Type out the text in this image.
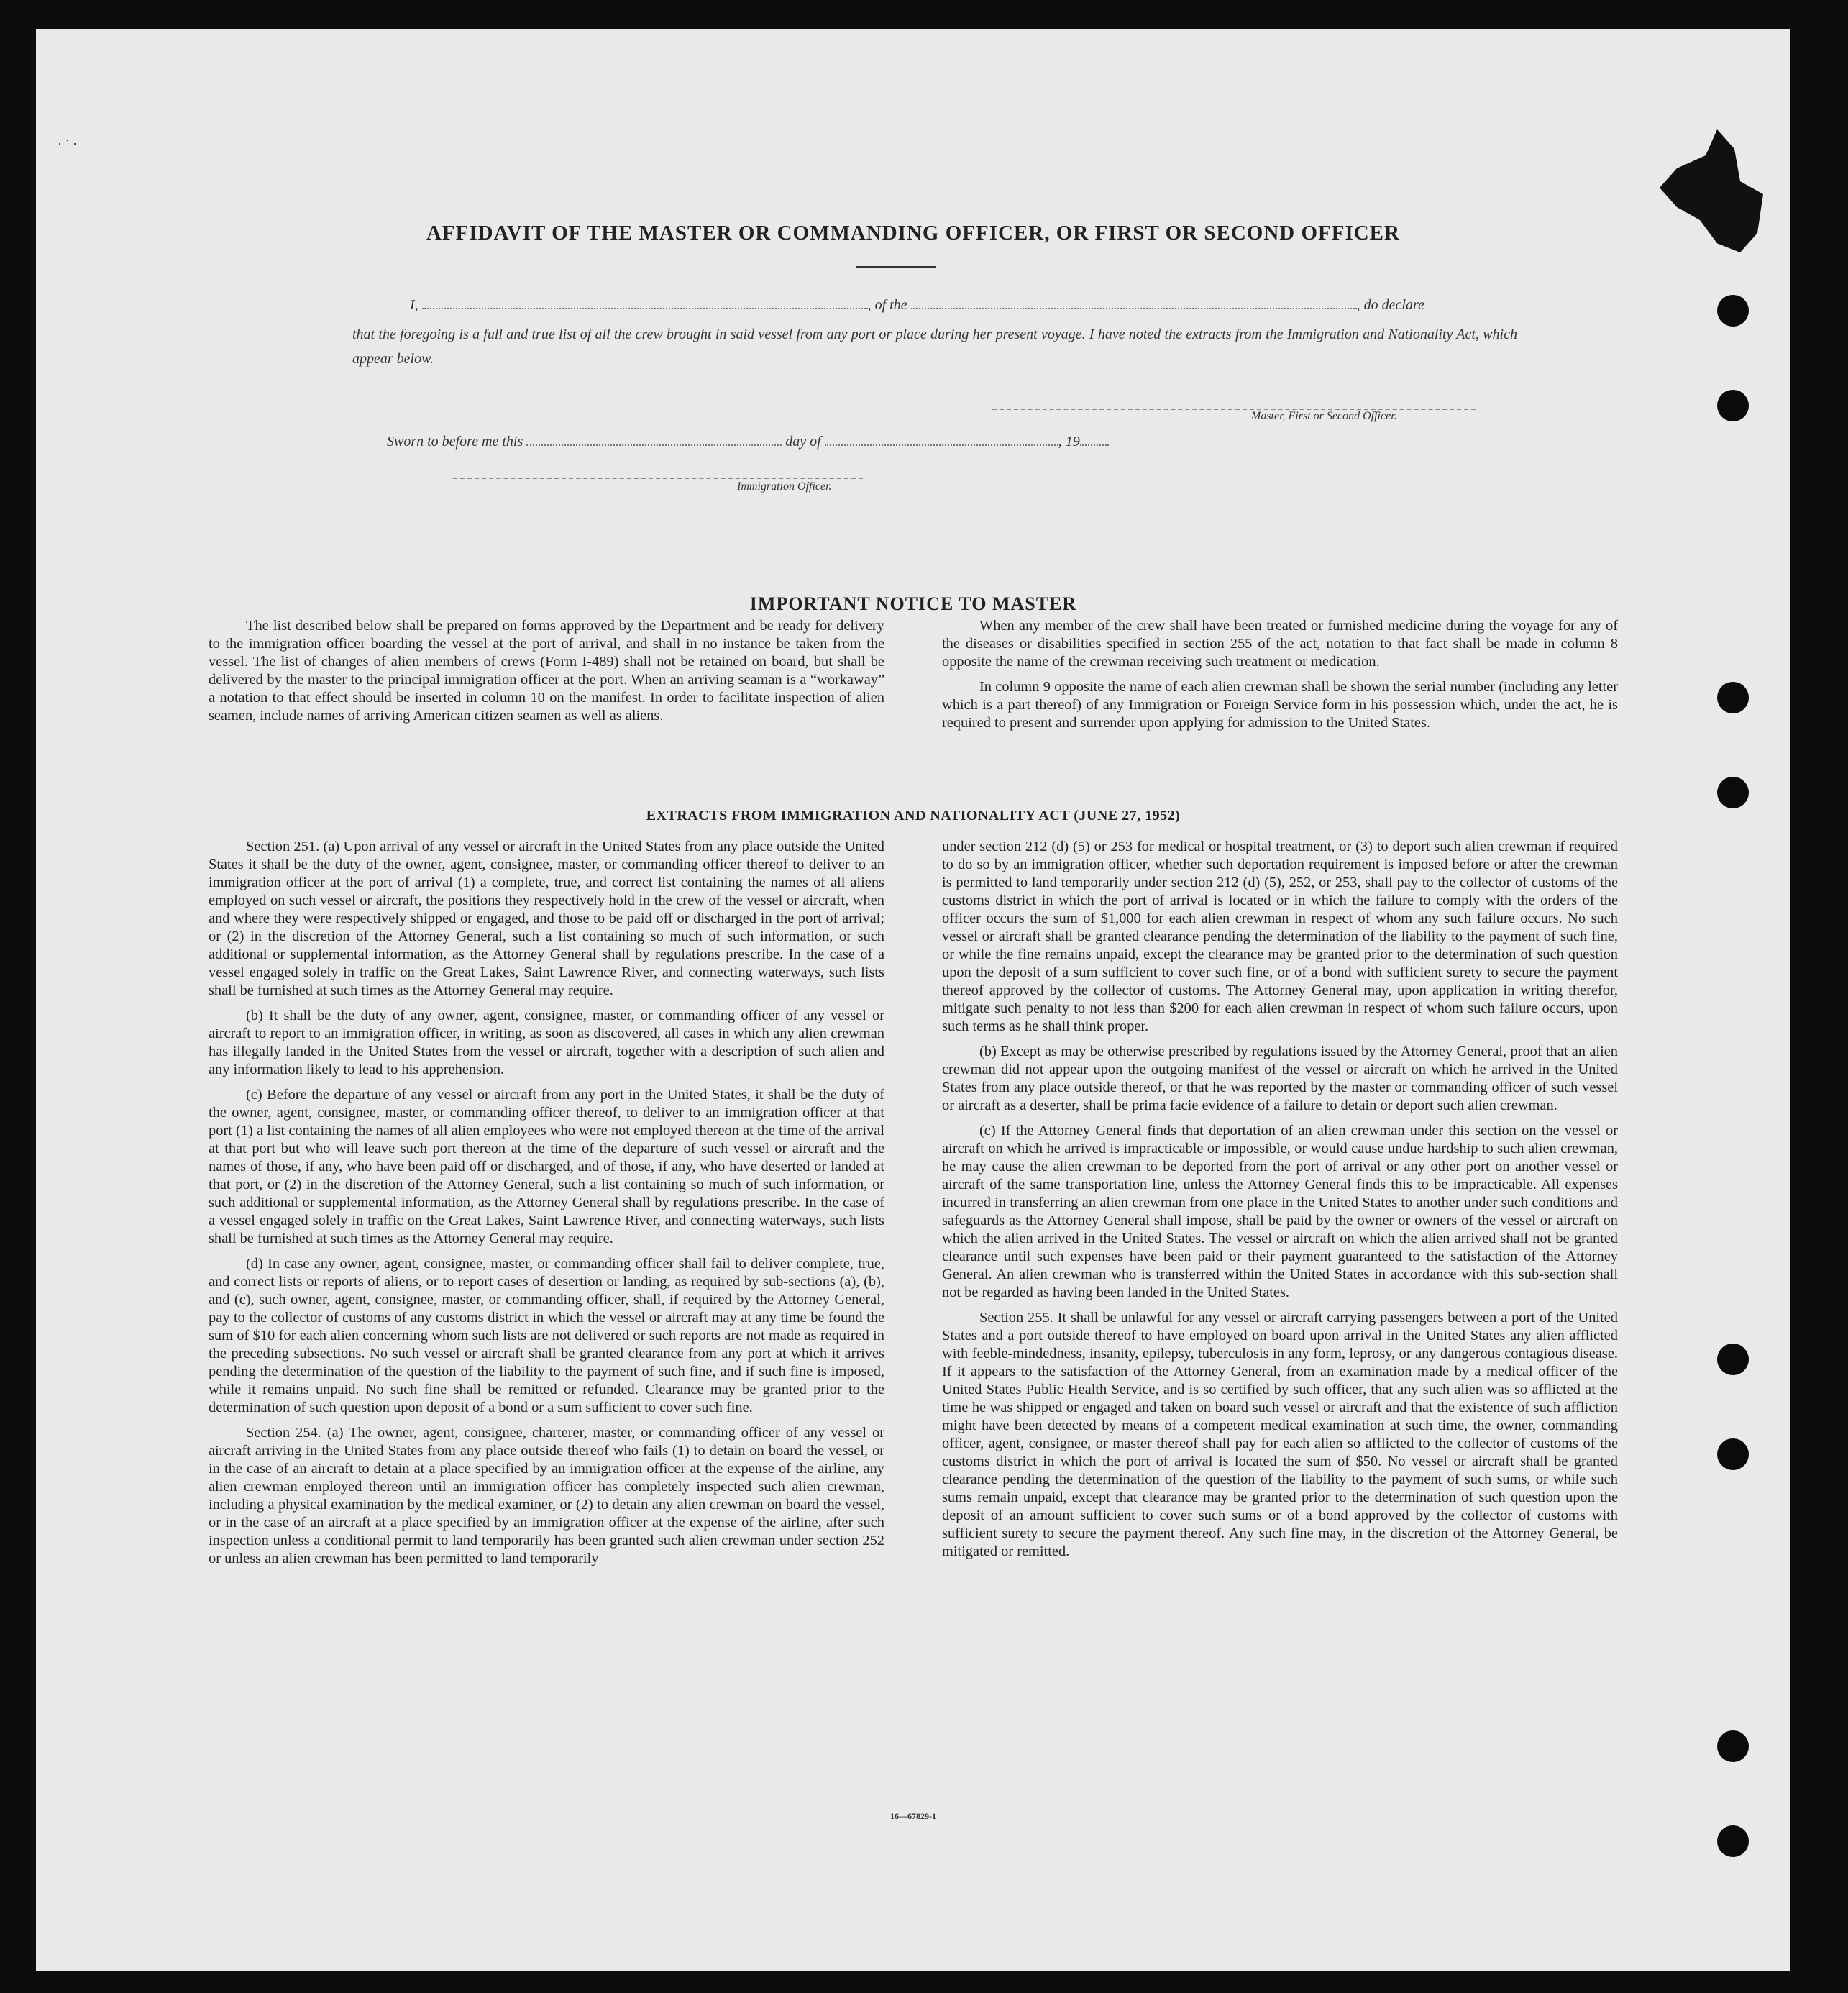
· ˙ ·
AFFIDAVIT OF THE MASTER OR COMMANDING OFFICER, OR FIRST OR SECOND OFFICER
I,	, of the	, do declare
that the foregoing is a full and true list of all the crew brought in said vessel from any port or place during her present voyage. I have noted the extracts from the Immigration and Nationality Act, which appear below.
Master, First or Second Officer.
Sworn to before me this	day of	, 19
Immigration Officer.
IMPORTANT NOTICE TO MASTER

The list described below shall be prepared on forms approved by the Department and be ready for delivery to the immigration officer boarding the vessel at the port of arrival, and shall in no instance be taken from the vessel. The list of changes of alien members of crews (Form I-489) shall not be retained on board, but shall be delivered by the master to the principal immigration officer at the port. When an arriving seaman is a “workaway” a notation to that effect should be inserted in column 10 on the manifest. In order to facilitate inspection of alien seamen, include names of arriving American citizen seamen as well as aliens.

When any member of the crew shall have been treated or furnished medicine during the voyage for any of the diseases or disabilities specified in section 255 of the act, notation to that fact shall be made in column 8 opposite the name of the crewman receiving such treatment or medication.

In column 9 opposite the name of each alien crewman shall be shown the serial number (including any letter which is a part thereof) of any Immigration or Foreign Service form in his possession which, under the act, he is required to present and surrender upon applying for admission to the United States.

EXTRACTS FROM IMMIGRATION AND NATIONALITY ACT (JUNE 27, 1952)

Section 251. (a) Upon arrival of any vessel or aircraft in the United States from any place outside the United States it shall be the duty of the owner, agent, consignee, master, or commanding officer thereof to deliver to an immigration officer at the port of arrival (1) a complete, true, and correct list containing the names of all aliens employed on such vessel or aircraft, the positions they respectively hold in the crew of the vessel or aircraft, when and where they were respectively shipped or engaged, and those to be paid off or discharged in the port of arrival; or (2) in the discretion of the Attorney General, such a list containing so much of such information, or such additional or supplemental information, as the Attorney General shall by regulations prescribe. In the case of a vessel engaged solely in traffic on the Great Lakes, Saint Lawrence River, and connecting waterways, such lists shall be furnished at such times as the Attorney General may require.

(b) It shall be the duty of any owner, agent, consignee, master, or commanding officer of any vessel or aircraft to report to an immigration officer, in writing, as soon as discovered, all cases in which any alien crewman has illegally landed in the United States from the vessel or aircraft, together with a description of such alien and any information likely to lead to his apprehension.

(c) Before the departure of any vessel or aircraft from any port in the United States, it shall be the duty of the owner, agent, consignee, master, or commanding officer thereof, to deliver to an immigration officer at that port (1) a list containing the names of all alien employees who were not employed thereon at the time of the arrival at that port but who will leave such port thereon at the time of the departure of such vessel or aircraft and the names of those, if any, who have been paid off or discharged, and of those, if any, who have deserted or landed at that port, or (2) in the discretion of the Attorney General, such a list containing so much of such information, or such additional or supplemental information, as the Attorney General shall by regulations prescribe. In the case of a vessel engaged solely in traffic on the Great Lakes, Saint Lawrence River, and connecting waterways, such lists shall be furnished at such times as the Attorney General may require.

(d) In case any owner, agent, consignee, master, or commanding officer shall fail to deliver complete, true, and correct lists or reports of aliens, or to report cases of desertion or landing, as required by sub-sections (a), (b), and (c), such owner, agent, consignee, master, or commanding officer, shall, if required by the Attorney General, pay to the collector of customs of any customs district in which the vessel or aircraft may at any time be found the sum of $10 for each alien concerning whom such lists are not delivered or such reports are not made as required in the preceding subsections. No such vessel or aircraft shall be granted clearance from any port at which it arrives pending the determination of the question of the liability to the payment of such fine, and if such fine is imposed, while it remains unpaid. No such fine shall be remitted or refunded. Clearance may be granted prior to the determination of such question upon deposit of a bond or a sum sufficient to cover such fine.

Section 254. (a) The owner, agent, consignee, charterer, master, or commanding officer of any vessel or aircraft arriving in the United States from any place outside thereof who fails (1) to detain on board the vessel, or in the case of an aircraft to detain at a place specified by an immigration officer at the expense of the airline, any alien crewman employed thereon until an immigration officer has completely inspected such alien crewman, including a physical examination by the medical examiner, or (2) to detain any alien crewman on board the vessel, or in the case of an aircraft at a place specified by an immigration officer at the expense of the airline, after such inspection unless a conditional permit to land temporarily has been granted such alien crewman under section 252 or unless an alien crewman has been permitted to land temporarily

under section 212 (d) (5) or 253 for medical or hospital treatment, or (3) to deport such alien crewman if required to do so by an immigration officer, whether such deportation requirement is imposed before or after the crewman is permitted to land temporarily under section 212 (d) (5), 252, or 253, shall pay to the collector of customs of the customs district in which the port of arrival is located or in which the failure to comply with the orders of the officer occurs the sum of $1,000 for each alien crewman in respect of whom any such failure occurs. No such vessel or aircraft shall be granted clearance pending the determination of the liability to the payment of such fine, or while the fine remains unpaid, except the clearance may be granted prior to the determination of such question upon the deposit of a sum sufficient to cover such fine, or of a bond with sufficient surety to secure the payment thereof approved by the collector of customs. The Attorney General may, upon application in writing therefor, mitigate such penalty to not less than $200 for each alien crewman in respect of whom such failure occurs, upon such terms as he shall think proper.

(b) Except as may be otherwise prescribed by regulations issued by the Attorney General, proof that an alien crewman did not appear upon the outgoing manifest of the vessel or aircraft on which he arrived in the United States from any place outside thereof, or that he was reported by the master or commanding officer of such vessel or aircraft as a deserter, shall be prima facie evidence of a failure to detain or deport such alien crewman.

(c) If the Attorney General finds that deportation of an alien crewman under this section on the vessel or aircraft on which he arrived is impracticable or impossible, or would cause undue hardship to such alien crewman, he may cause the alien crewman to be deported from the port of arrival or any other port on another vessel or aircraft of the same transportation line, unless the Attorney General finds this to be impracticable. All expenses incurred in transferring an alien crewman from one place in the United States to another under such conditions and safeguards as the Attorney General shall impose, shall be paid by the owner or owners of the vessel or aircraft on which the alien arrived in the United States. The vessel or aircraft on which the alien arrived shall not be granted clearance until such expenses have been paid or their payment guaranteed to the satisfaction of the Attorney General. An alien crewman who is transferred within the United States in accordance with this sub-section shall not be regarded as having been landed in the United States.

Section 255. It shall be unlawful for any vessel or aircraft carrying passengers between a port of the United States and a port outside thereof to have employed on board upon arrival in the United States any alien afflicted with feeble-mindedness, insanity, epilepsy, tuberculosis in any form, leprosy, or any dangerous contagious disease. If it appears to the satisfaction of the Attorney General, from an examination made by a medical officer of the United States Public Health Service, and is so certified by such officer, that any such alien was so afflicted at the time he was shipped or engaged and taken on board such vessel or aircraft and that the existence of such affliction might have been detected by means of a competent medical examination at such time, the owner, commanding officer, agent, consignee, or master thereof shall pay for each alien so afflicted to the collector of customs of the customs district in which the port of arrival is located the sum of $50. No vessel or aircraft shall be granted clearance pending the determination of the question of the liability to the payment of such sums, or while such sums remain unpaid, except that clearance may be granted prior to the determination of such question upon the deposit of an amount sufficient to cover such sums or of a bond approved by the collector of customs with sufficient surety to secure the payment thereof. Any such fine may, in the discretion of the Attorney General, be mitigated or remitted.

16—67829-1
